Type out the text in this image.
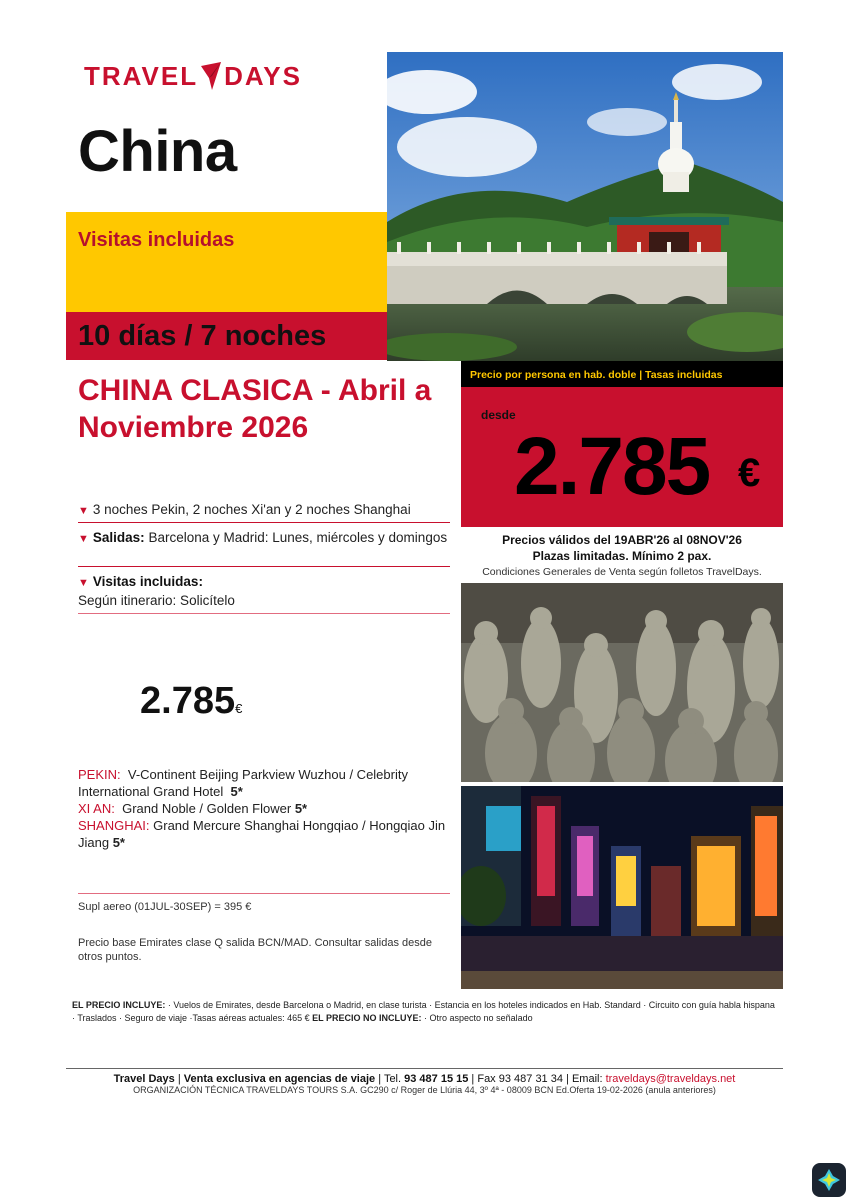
TRAVEL DAYS
China
Visitas incluidas
10 días / 7 noches
CHINA CLASICA - Abril a Noviembre 2026
▼ 3 noches Pekin, 2 noches Xi'an y 2 noches Shanghai
▼ Salidas: Barcelona y Madrid: Lunes, miércoles y domingos
▼ Visitas incluidas:
Según itinerario: Solicítelo
2.785€
PEKIN: V-Continent Beijing Parkview Wuzhou / Celebrity International Grand Hotel 5*
XI AN: Grand Noble / Golden Flower 5*
SHANGHAI: Grand Mercure Shanghai Hongqiao / Hongqiao Jin Jiang 5*
Supl aereo (01JUL-30SEP) = 395 €
Precio base Emirates clase Q salida BCN/MAD. Consultar salidas desde otros puntos.
Precio por persona en hab. doble | Tasas incluidas
desde
2.785 €
Precios válidos del 19ABR'26 al 08NOV'26
Plazas limitadas. Mínimo 2 pax.
Condiciones Generales de Venta según folletos TravelDays.
EL PRECIO INCLUYE: · Vuelos de Emirates, desde Barcelona o Madrid, en clase turista · Estancia en los hoteles indicados en Hab. Standard · Circuito con guía habla hispana · Traslados · Seguro de viaje ·Tasas aéreas actuales: 465 € EL PRECIO NO INCLUYE: · Otro aspecto no señalado
Travel Days | Venta exclusiva en agencias de viaje | Tel. 93 487 15 15 | Fax 93 487 31 34 | Email: traveldays@traveldays.net
ORGANIZACIÓN TÉCNICA TRAVELDAYS TOURS S.A. GC290 c/ Roger de Llúria 44, 3º 4ª - 08009 BCN Ed.Oferta 19-02-2026 (anula anteriores)
